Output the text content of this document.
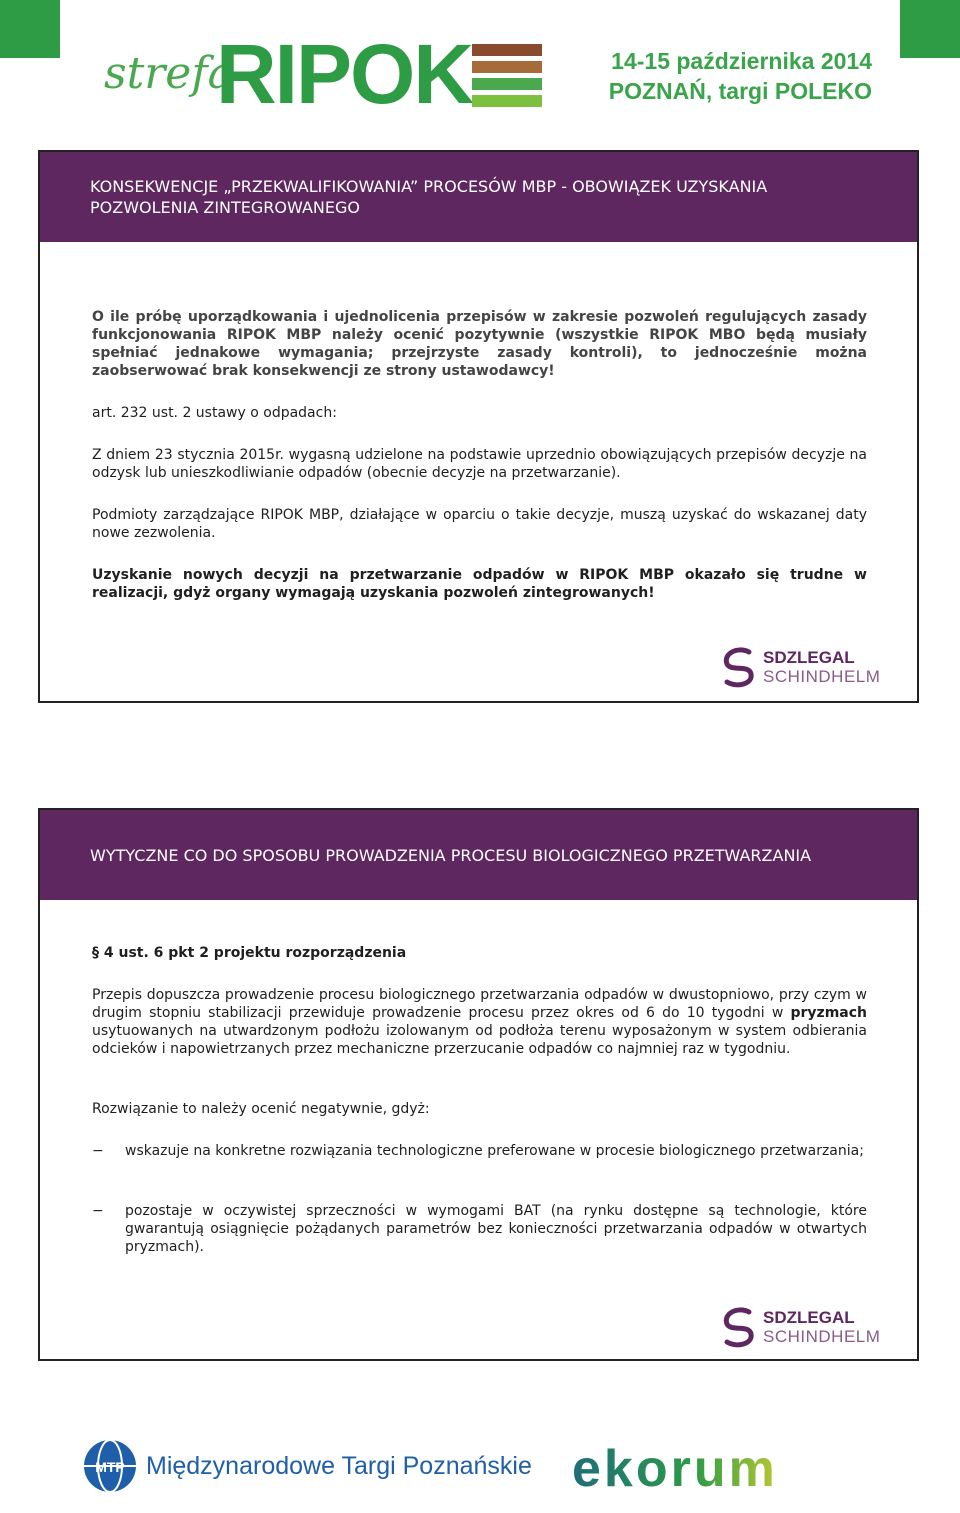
strefa
RIPOK	14-15 października 2014
POZNAŃ, targi POLEKO
KONSEKWENCJE „PRZEKWALIFIKOWANIA” PROCESÓW MBP - OBOWIĄZEK UZYSKANIA POZWOLENIA ZINTEGROWANEGO

O ile próbę uporządkowania i ujednolicenia przepisów w zakresie pozwoleń regulujących zasady funkcjonowania RIPOK MBP należy ocenić pozytywnie (wszystkie RIPOK MBO będą musiały spełniać jednakowe wymagania; przejrzyste zasady kontroli), to jednocześnie można zaobserwować brak konsekwencji ze strony ustawodawcy!

art. 232 ust. 2 ustawy o odpadach:

Z dniem 23 stycznia 2015r. wygasną udzielone na podstawie uprzednio obowiązujących przepisów decyzje na odzysk lub unieszkodliwianie odpadów (obecnie decyzje na przetwarzanie).

Podmioty zarządzające RIPOK MBP, działające w oparciu o takie decyzje, muszą uzyskać do wskazanej daty nowe zezwolenia.

Uzyskanie nowych decyzji na przetwarzanie odpadów w RIPOK MBP okazało się trudne w realizacji, gdyż organy wymagają uzyskania pozwoleń zintegrowanych!

SDZLEGAL
SCHINDHELM
WYTYCZNE CO DO SPOSOBU PROWADZENIA PROCESU BIOLOGICZNEGO PRZETWARZANIA

§ 4 ust. 6 pkt 2 projektu rozporządzenia

Przepis dopuszcza prowadzenie procesu biologicznego przetwarzania odpadów w dwustopniowo, przy czym w drugim stopniu stabilizacji przewiduje prowadzenie procesu przez okres od 6 do 10 tygodni w pryzmach usytuowanych na utwardzonym podłożu izolowanym od podłoża terenu wyposażonym w system odbierania odcieków i napowietrzanych przez mechaniczne przerzucanie odpadów co najmniej raz w tygodniu.

Rozwiązanie to należy ocenić negatywnie, gdyż:

−	wskazuje na konkretne rozwiązania technologiczne preferowane w procesie biologicznego przetwarzania;
−	pozostaje w oczywistej sprzeczności w wymogami BAT (na rynku dostępne są technologie, które gwarantują osiągnięcie pożądanych parametrów bez konieczności przetwarzania odpadów w otwartych pryzmach).
SDZLEGAL
SCHINDHELM
MTP Międzynarodowe Targi Poznańskie ekorum
